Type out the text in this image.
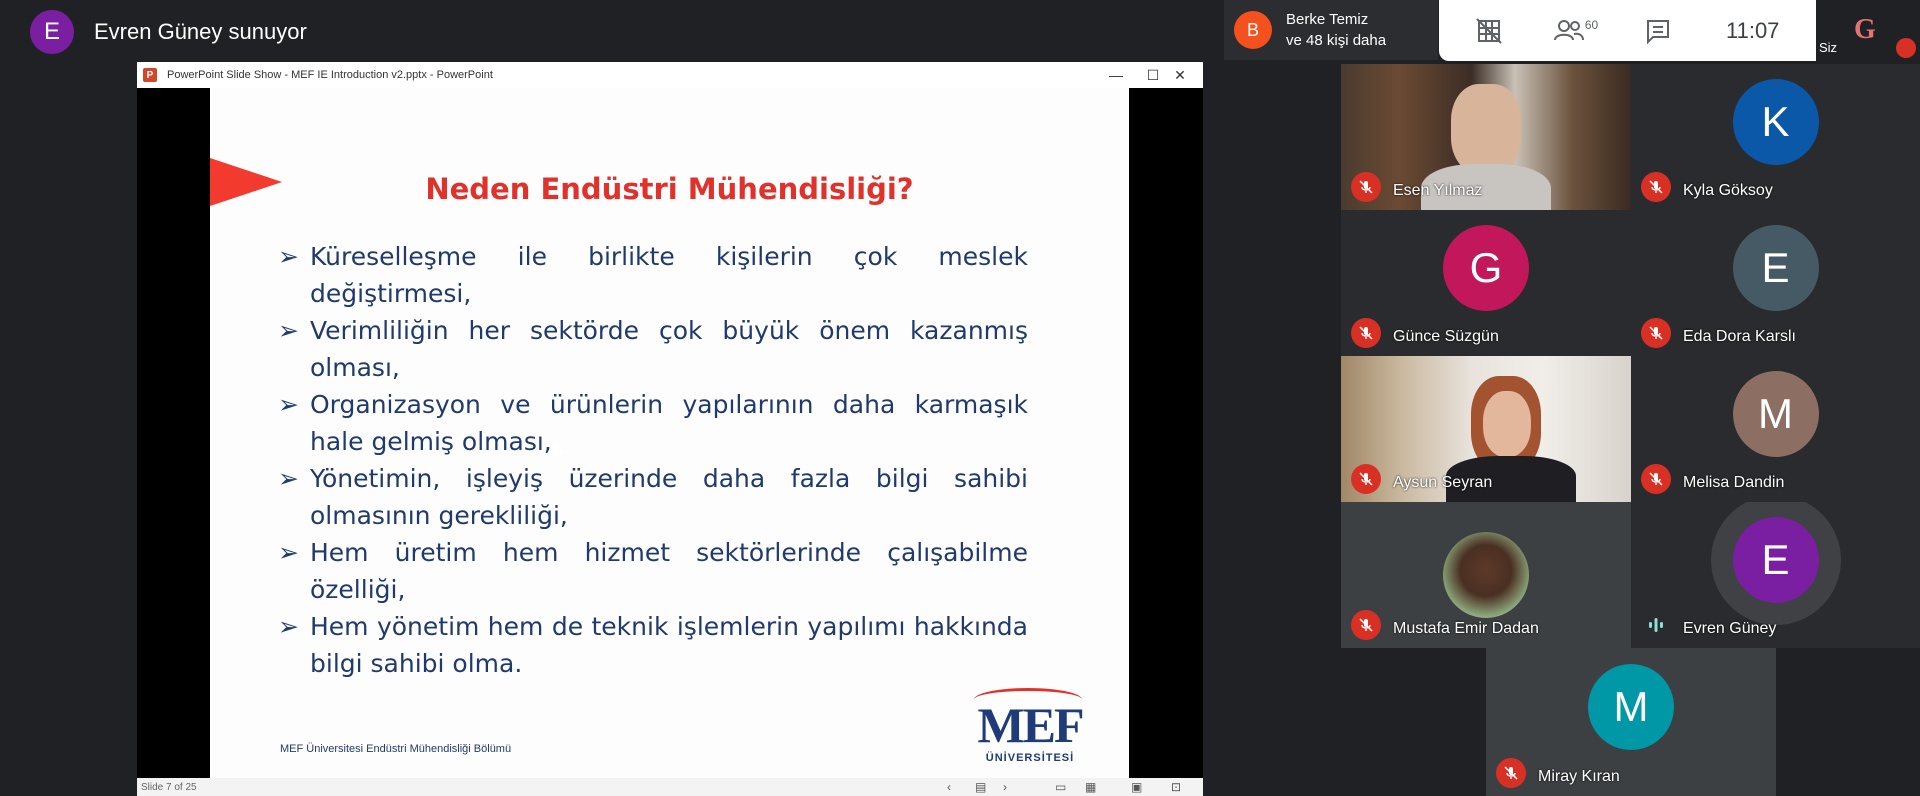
E	Evren Güney sunuyor
P	PowerPoint Slide Show - MEF IE Introduction v2.pptx - PowerPoint	—	☐	✕
Neden Endüstri Mühendisliği?
➢ Küreselleşme ile birlikte kişilerin çok meslek değiştirmesi,
➢ Verimliliğin her sektörde çok büyük önem kazanmış olması,
➢ Organizasyon ve ürünlerin yapılarının daha karmaşık hale gelmiş olması,
➢ Yönetimin, işleyiş üzerinde daha fazla bilgi sahibi olmasının gerekliliği,
➢ Hem üretim hem hizmet sektörlerinde çalışabilme özelliği,
➢ Hem yönetim hem de teknik işlemlerin yapılımı hakkında bilgi sahibi olma.
MEF Üniversitesi Endüstri Mühendisliği Bölümü	MEF
ÜNİVERSİTESİ
Slide 7 of 25	‹ ▤ ›	▭ ▦	▣ ⊡
B	Berke Temiz
ve 48 kişi daha
60	11:07
Siz
G
Esen Yılmaz
K
Kyla Göksoy
G
Günce Süzgün
E
Eda Dora Karslı
Aysun Seyran
M
Melisa Dandin
Mustafa Emir Dadan
E
Evren Güney
M
Miray Kıran
